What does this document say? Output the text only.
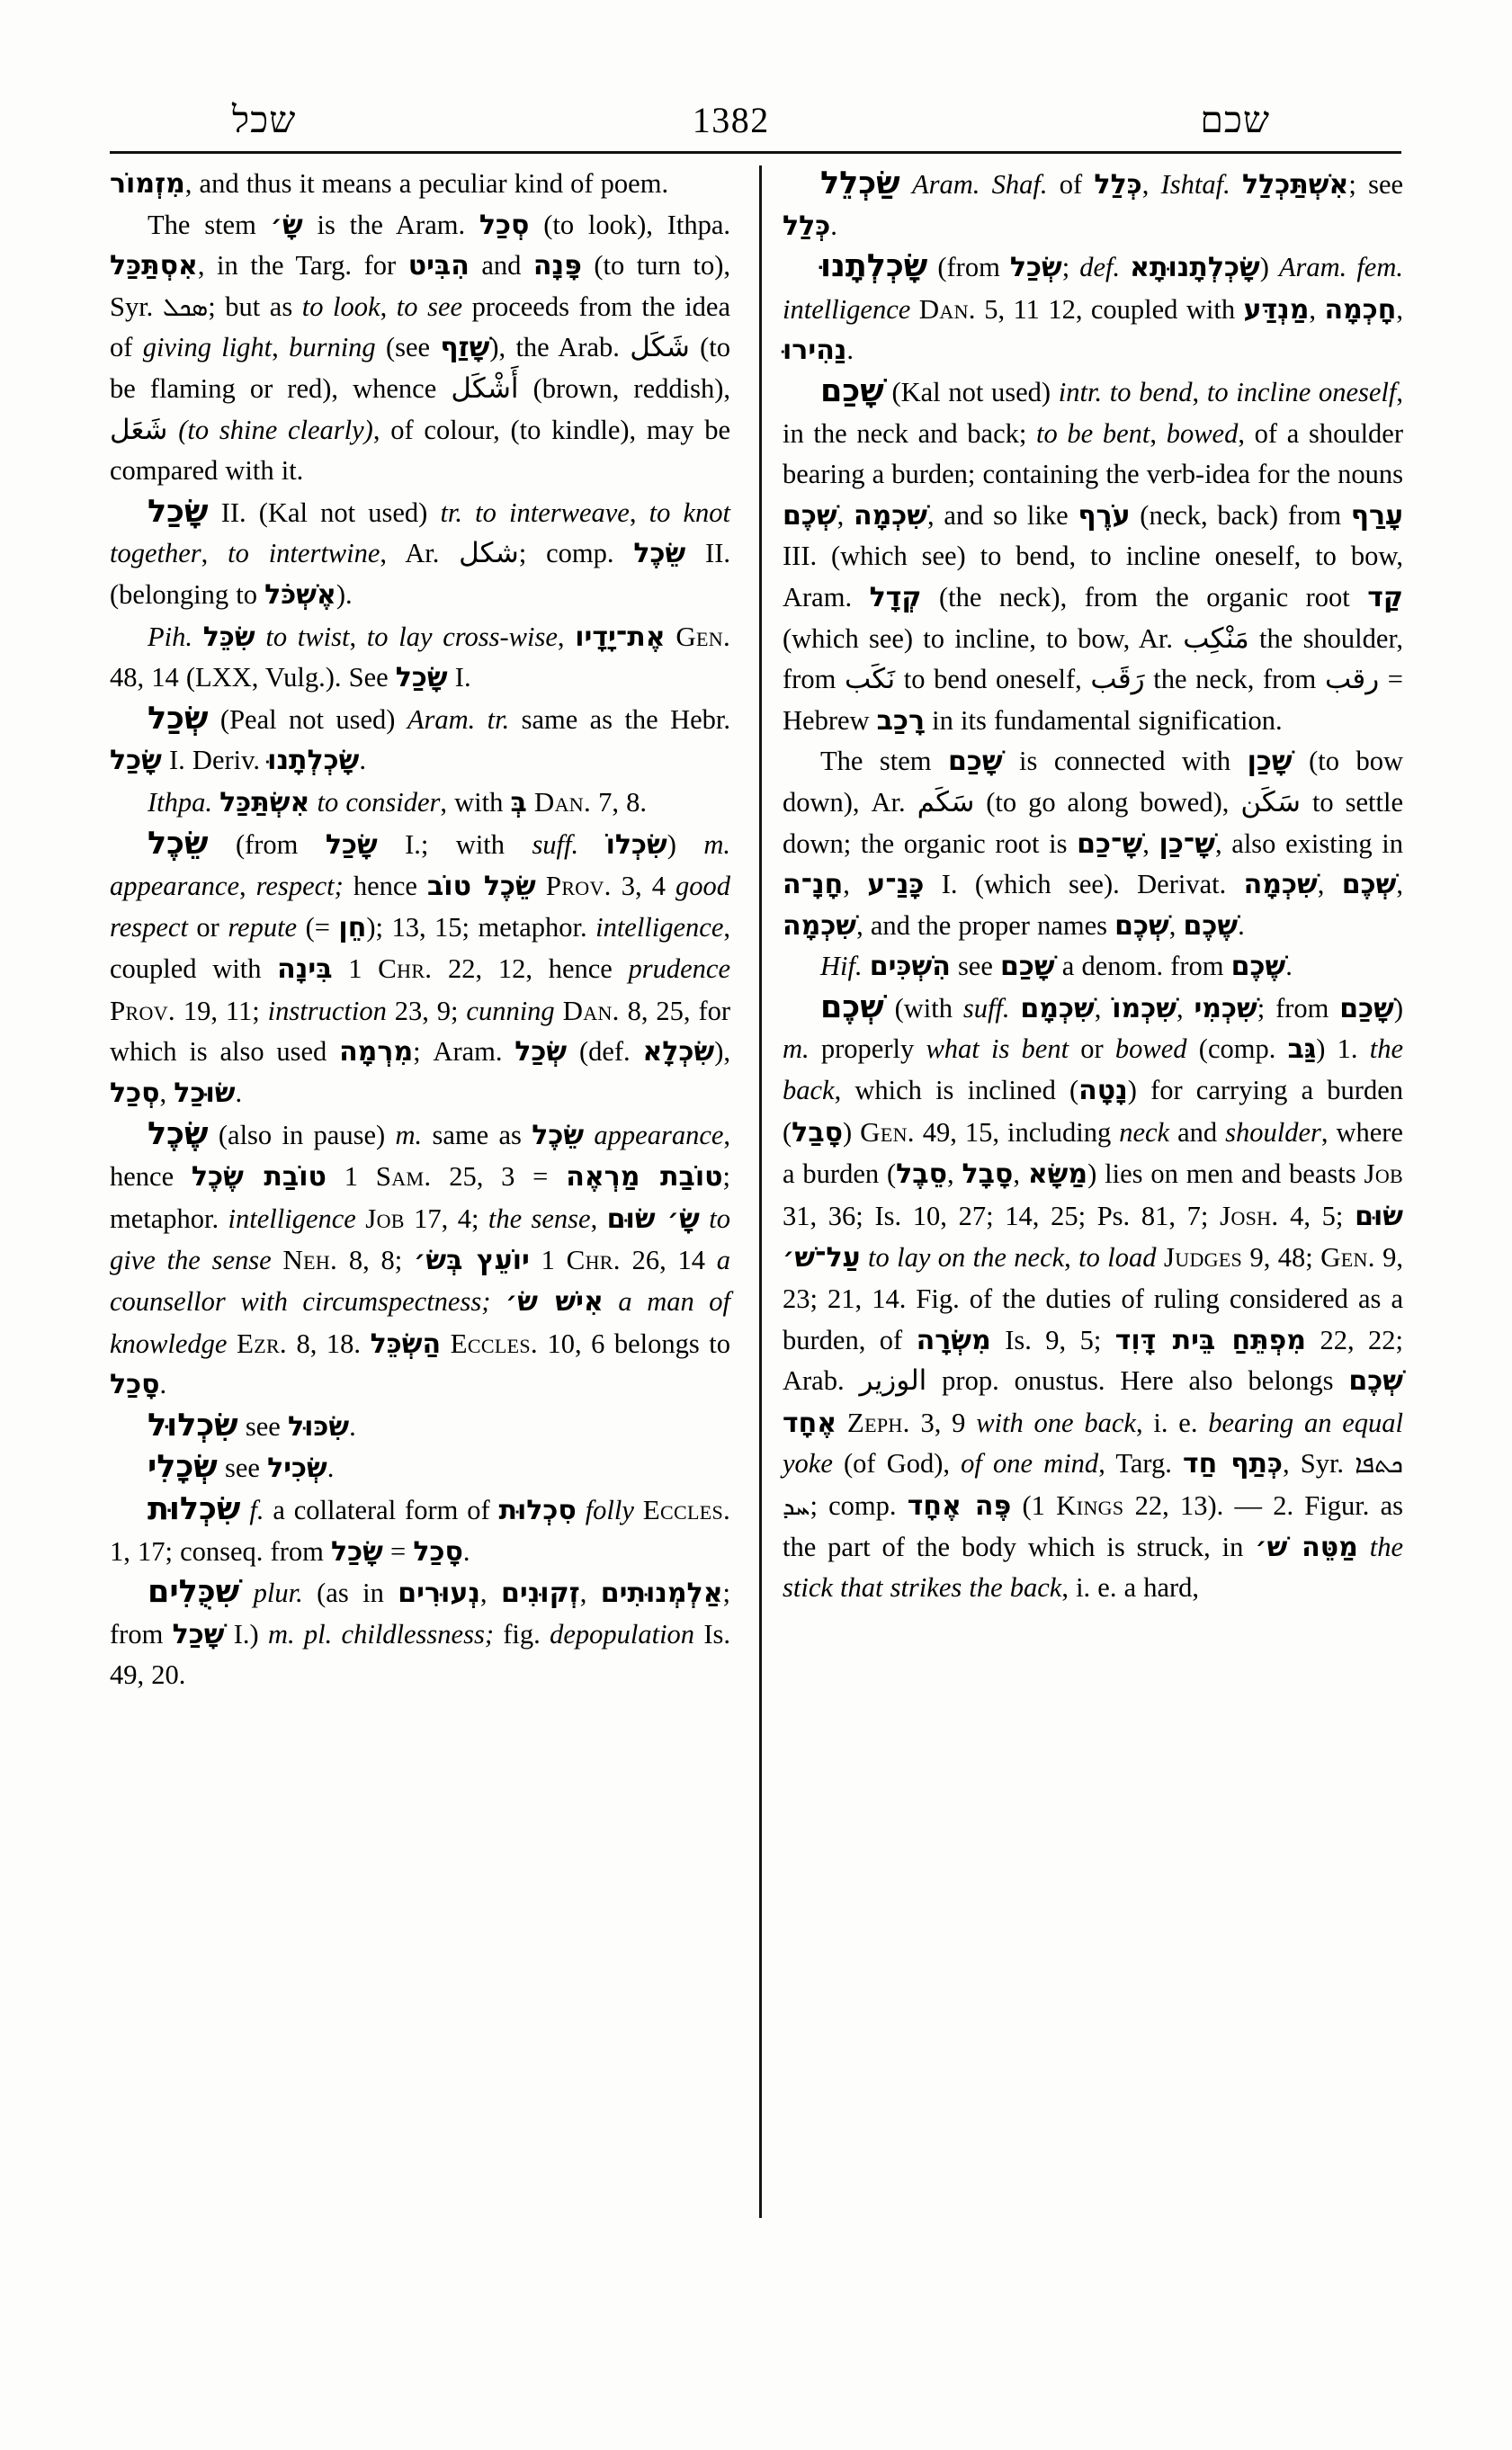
שכל	1382	שכם

מִזְמוֹר, and thus it means a peculiar kind of poem.

The stem שָׂ׳ is the Aram. סְכַל (to look), Ithpa. אִסְתַּכַּל, in the Targ. for הִבִּיט and פָּנָה (to turn to), Syr. ܣܟܠ; but as to look, to see proceeds from the idea of giving light, burning (see שָׁזַף), the Arab. شَكَل (to be flaming or red), whence أَشْكَل (brown, reddish), شَعَل (to shine clearly), of colour, (to kindle), may be compared with it.

שָׂכַל II. (Kal not used) tr. to interweave, to knot together, to intertwine, Ar. شكل; comp. שֵׂכֶל II. (belonging to אֶשְׁכֹּל).

Pih. שִׂכֵּל to twist, to lay cross-wise, אֶת־יָדָיו Gen. 48, 14 (LXX, Vulg.). See שָׂכַל I.

שְׂכַל (Peal not used) Aram. tr. same as the Hebr. שָׂכַל I. Deriv. שָׂכְלְתָנוּ.

Ithpa. אִשְׂתַּכַּל to consider, with בְּ Dan. 7, 8.

שֵׂכֶל (from שָׂכַל I.; with suff. שִׂכְלוֹ) m. appearance, respect; hence שֵׂכֶל טוֹב Prov. 3, 4 good respect or repute (= חֵן); 13, 15; metaphor. intelligence, coupled with בִּינָה 1 Chr. 22, 12, hence prudence Prov. 19, 11; instruction 23, 9; cunning Dan. 8, 25, for which is also used מִרְמָה; Aram. שְׂכַל (def. שִׂכְלָא), סְכַל, שׂוּכַל.

שֶׂכֶל (also in pause) m. same as שֵׂכֶל appearance, hence טוֹבַת שֶׂכֶל 1 Sam. 25, 3 = טוֹבַת מַרְאֶה; metaphor. intelligence Job 17, 4; the sense, שָׂ׳ שׂוּם to give the sense Neh. 8, 8; יוֹעֵץ בְּשׂ׳ 1 Chr. 26, 14 a counsellor with circumspectness; אִישׁ שׂ׳ a man of knowledge Ezr. 8, 18. הַשְׂכֵּל Eccles. 10, 6 belongs to סָכַל.

שִׂכְלוּל see שִׂכּוּל.

שְׂכָלִי see שְׂכִיל.

שִׂכְלוּת f. a collateral form of סִכְלוּת folly Eccles. 1, 17; conseq. from שָׂכַל = סָכַל.

שִׁכֻּלִים plur. (as in נְעוּרִים, זְקוּנִים, אַלְמְנוּתִים; from שָׁכַל I.) m. pl. childlessness; fig. depopulation Is. 49, 20.

שַׂכְלֵל Aram. Shaf. of כְּלַל, Ishtaf. אִשְׁתַּכְלַל; see כְּלַל.

שָׂכְלְתָנוּ (from שְׂכַל; def. שָׂכְלְתָנוּתָא) Aram. fem. intelligence Dan. 5, 11 12, coupled with מַנְדַּע, חָכְמָה, נַהִירוּ.

שָׁכַם (Kal not used) intr. to bend, to incline oneself, in the neck and back; to be bent, bowed, of a shoulder bearing a burden; containing the verb-idea for the nouns שְׁכֶם, שִׁכְמָה, and so like עֹרֶף (neck, back) from עָרַף III. (which see) to bend, to incline oneself, to bow, Aram. קְדָל (the neck), from the organic root קַד (which see) to incline, to bow, Ar. مَنْكِب the shoulder, from نَكَب to bend oneself, رَقَب the neck, from رقب = Hebrew רָכַב in its fundamental signification.

The stem שָׁכַם is connected with שָׁכַן (to bow down), Ar. سَكَم (to go along bowed), سَكَن to settle down; the organic root is שָׁ־כַם, שָׁ־כַן, also existing in חָנָ־ה, כָּנַ־ע I. (which see). Derivat. שִׁכְמָה, שְׁכֶם, שִׁכְמָה, and the proper names שְׁכֶם, שֶׁכֶם.

Hif. הִשְׁכִּים see שָׁכַם a denom. from שֶׁכֶם.

שְׁכֶם (with suff. שִׁכְמָם, שִׁכְמוֹ, שִׁכְמִי; from שָׁכַם) m. properly what is bent or bowed (comp. גַּב) 1. the back, which is inclined (נָטָה) for carrying a burden (סָבַל) Gen. 49, 15, including neck and shoulder, where a burden (סֵבֶל, סָבָל, מַשָּׂא) lies on men and beasts Job 31, 36; Is. 10, 27; 14, 25; Ps. 81, 7; Josh. 4, 5; שׂוּם עַל־שׁ׳ to lay on the neck, to load Judges 9, 48; Gen. 9, 23; 21, 14. Fig. of the duties of ruling considered as a burden, of מִשְׂרָה Is. 9, 5; מִפְתֵּחַ בֵּית דָּוִד 22, 22; Arab. الوزير prop. onustus. Here also belongs שְׁכֶם אֶחָד Zeph. 3, 9 with one back, i. e. bearing an equal yoke (of God), of one mind, Targ. כְּתַף חַד, Syr. ܟܬܦܐ ܚܕ; comp. פֶּה אֶחָד (1 Kings 22, 13). — 2. Figur. as the part of the body which is struck, in מַטֵּה שׁ׳ the stick that strikes the back, i. e. a hard,
